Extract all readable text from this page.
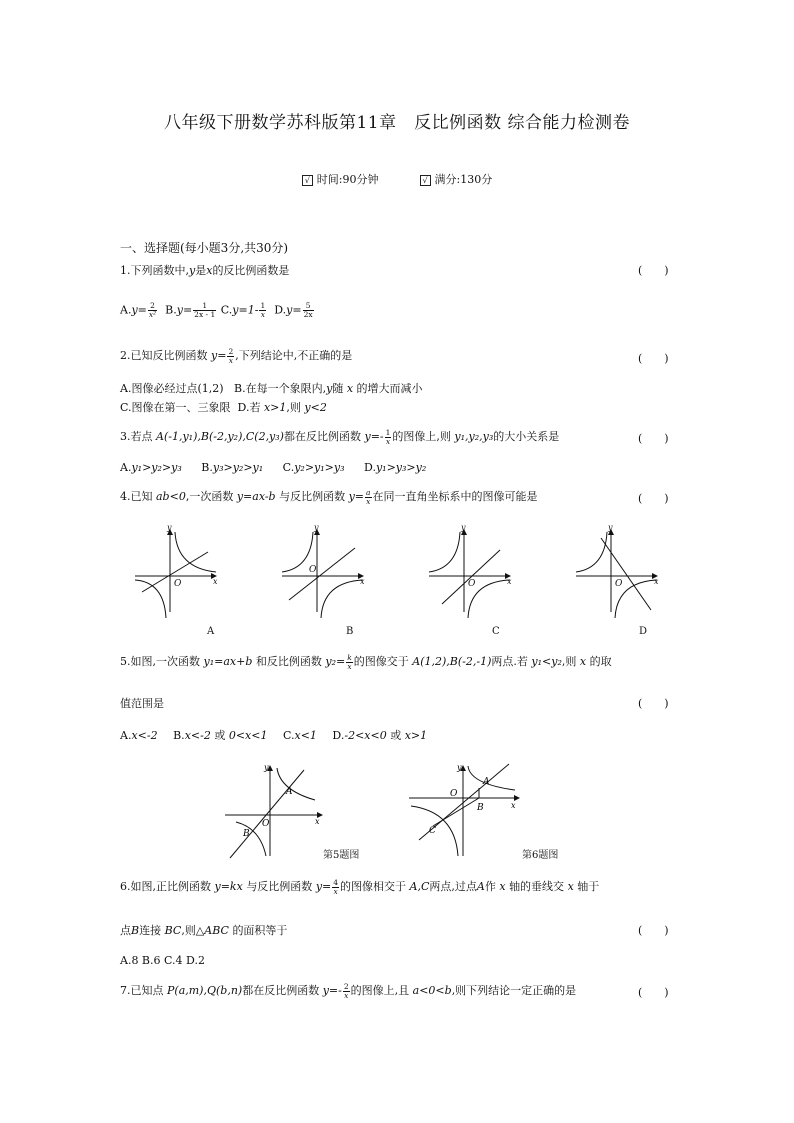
八年级下册数学苏科版第11章　反比例函数 综合能力检测卷
√ 时间:90分钟	√ 满分:130分
一、选择题(每小题3分,共30分)
1.下列函数中,y是x的反比例函数是	(　　)
$A.y= \frac{2}{\text{x²}} B.y= \frac{1}{2x - 1} C.y=1- \frac{1}{x} D.y= \frac{5}{2x}$
2.已知反比例函数 $y= \frac{2}{x}$ ,下列结论中,不正确的是	(　　)
A.图像必经过点(1,2) B.在每一个象限内,y随 x 的增大而减小
C.图像在第一、三象限 D.若 x>1,则 y<2
3.若点 A(-1,y₁),B(-2,y₂),C(2,y₃)都在反比例函数 $y=- \frac{1}{x}$ 的图像上,则 y₁,y₂,y₃的大小关系是	(　　)
A.y₁>y₂>y₃ B.y₃>y₂>y₁ C.y₂>y₁>y₃ D.y₁>y₃>y₂
4.已知 ab<0,一次函数 y=ax-b 与反比例函数 $y= \frac{a}{x}$ 在同一直角坐标系中的图像可能是	(　　)
y
x
O
A
y
x
O
B
y
x
O
C
y
x
O
D
5.如图,一次函数 y₁=ax+b 和反比例函数 $y_2= \frac{k}{x}$ 的图像交于 A(1,2),B(-2,-1)两点.若 y₁<y₂,则 x 的取
值范围是	(　　)
A.x<-2 B.x<-2 或 0<x<1 C.x<1 D.-2<x<0 或 x>1
y
x
A
B
O
第5题图
y
x
A
B
C
O
第6题图
6.如图,正比例函数 y=kx 与反比例函数 $y= \frac{4}{x}$ 的图像相交于 A,C两点,过点A作 x 轴的垂线交 x 轴于
点B连接 BC,则△ABC 的面积等于	(　　)
A.8 B.6 C.4 D.2
7.已知点 P(a,m),Q(b,n)都在反比例函数 $y=- \frac{2}{x}$ 的图像上,且 a<0<b,则下列结论一定正确的是	(　　)
